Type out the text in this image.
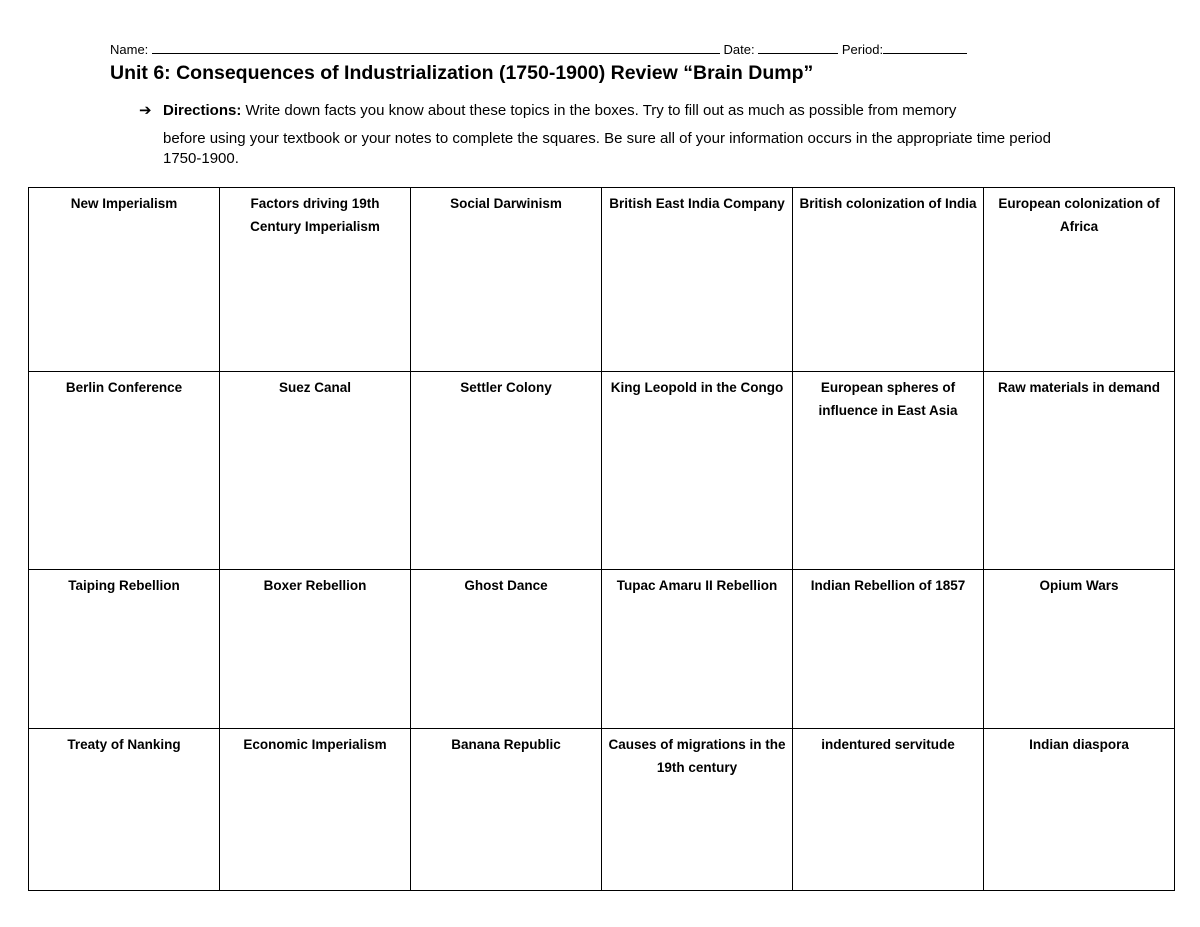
Name:	Date:	Period:
Unit 6: Consequences of Industrialization (1750-1900) Review “Brain Dump”
➔ Directions: Write down facts you know about these topics in the boxes. Try to fill out as much as possible from memory
before using your textbook or your notes to complete the squares. Be sure all of your information occurs in the appropriate time period 1750-1900.
New Imperialism	Factors driving 19th Century Imperialism	Social Darwinism	British East India Company	British colonization of India	European colonization of Africa
Berlin Conference	Suez Canal	Settler Colony	King Leopold in the Congo	European spheres of influence in East Asia	Raw materials in demand
Taiping Rebellion	Boxer Rebellion	Ghost Dance	Tupac Amaru II Rebellion	Indian Rebellion of 1857	Opium Wars
Treaty of Nanking	Economic Imperialism	Banana Republic	Causes of migrations in the 19th century	indentured servitude	Indian diaspora
